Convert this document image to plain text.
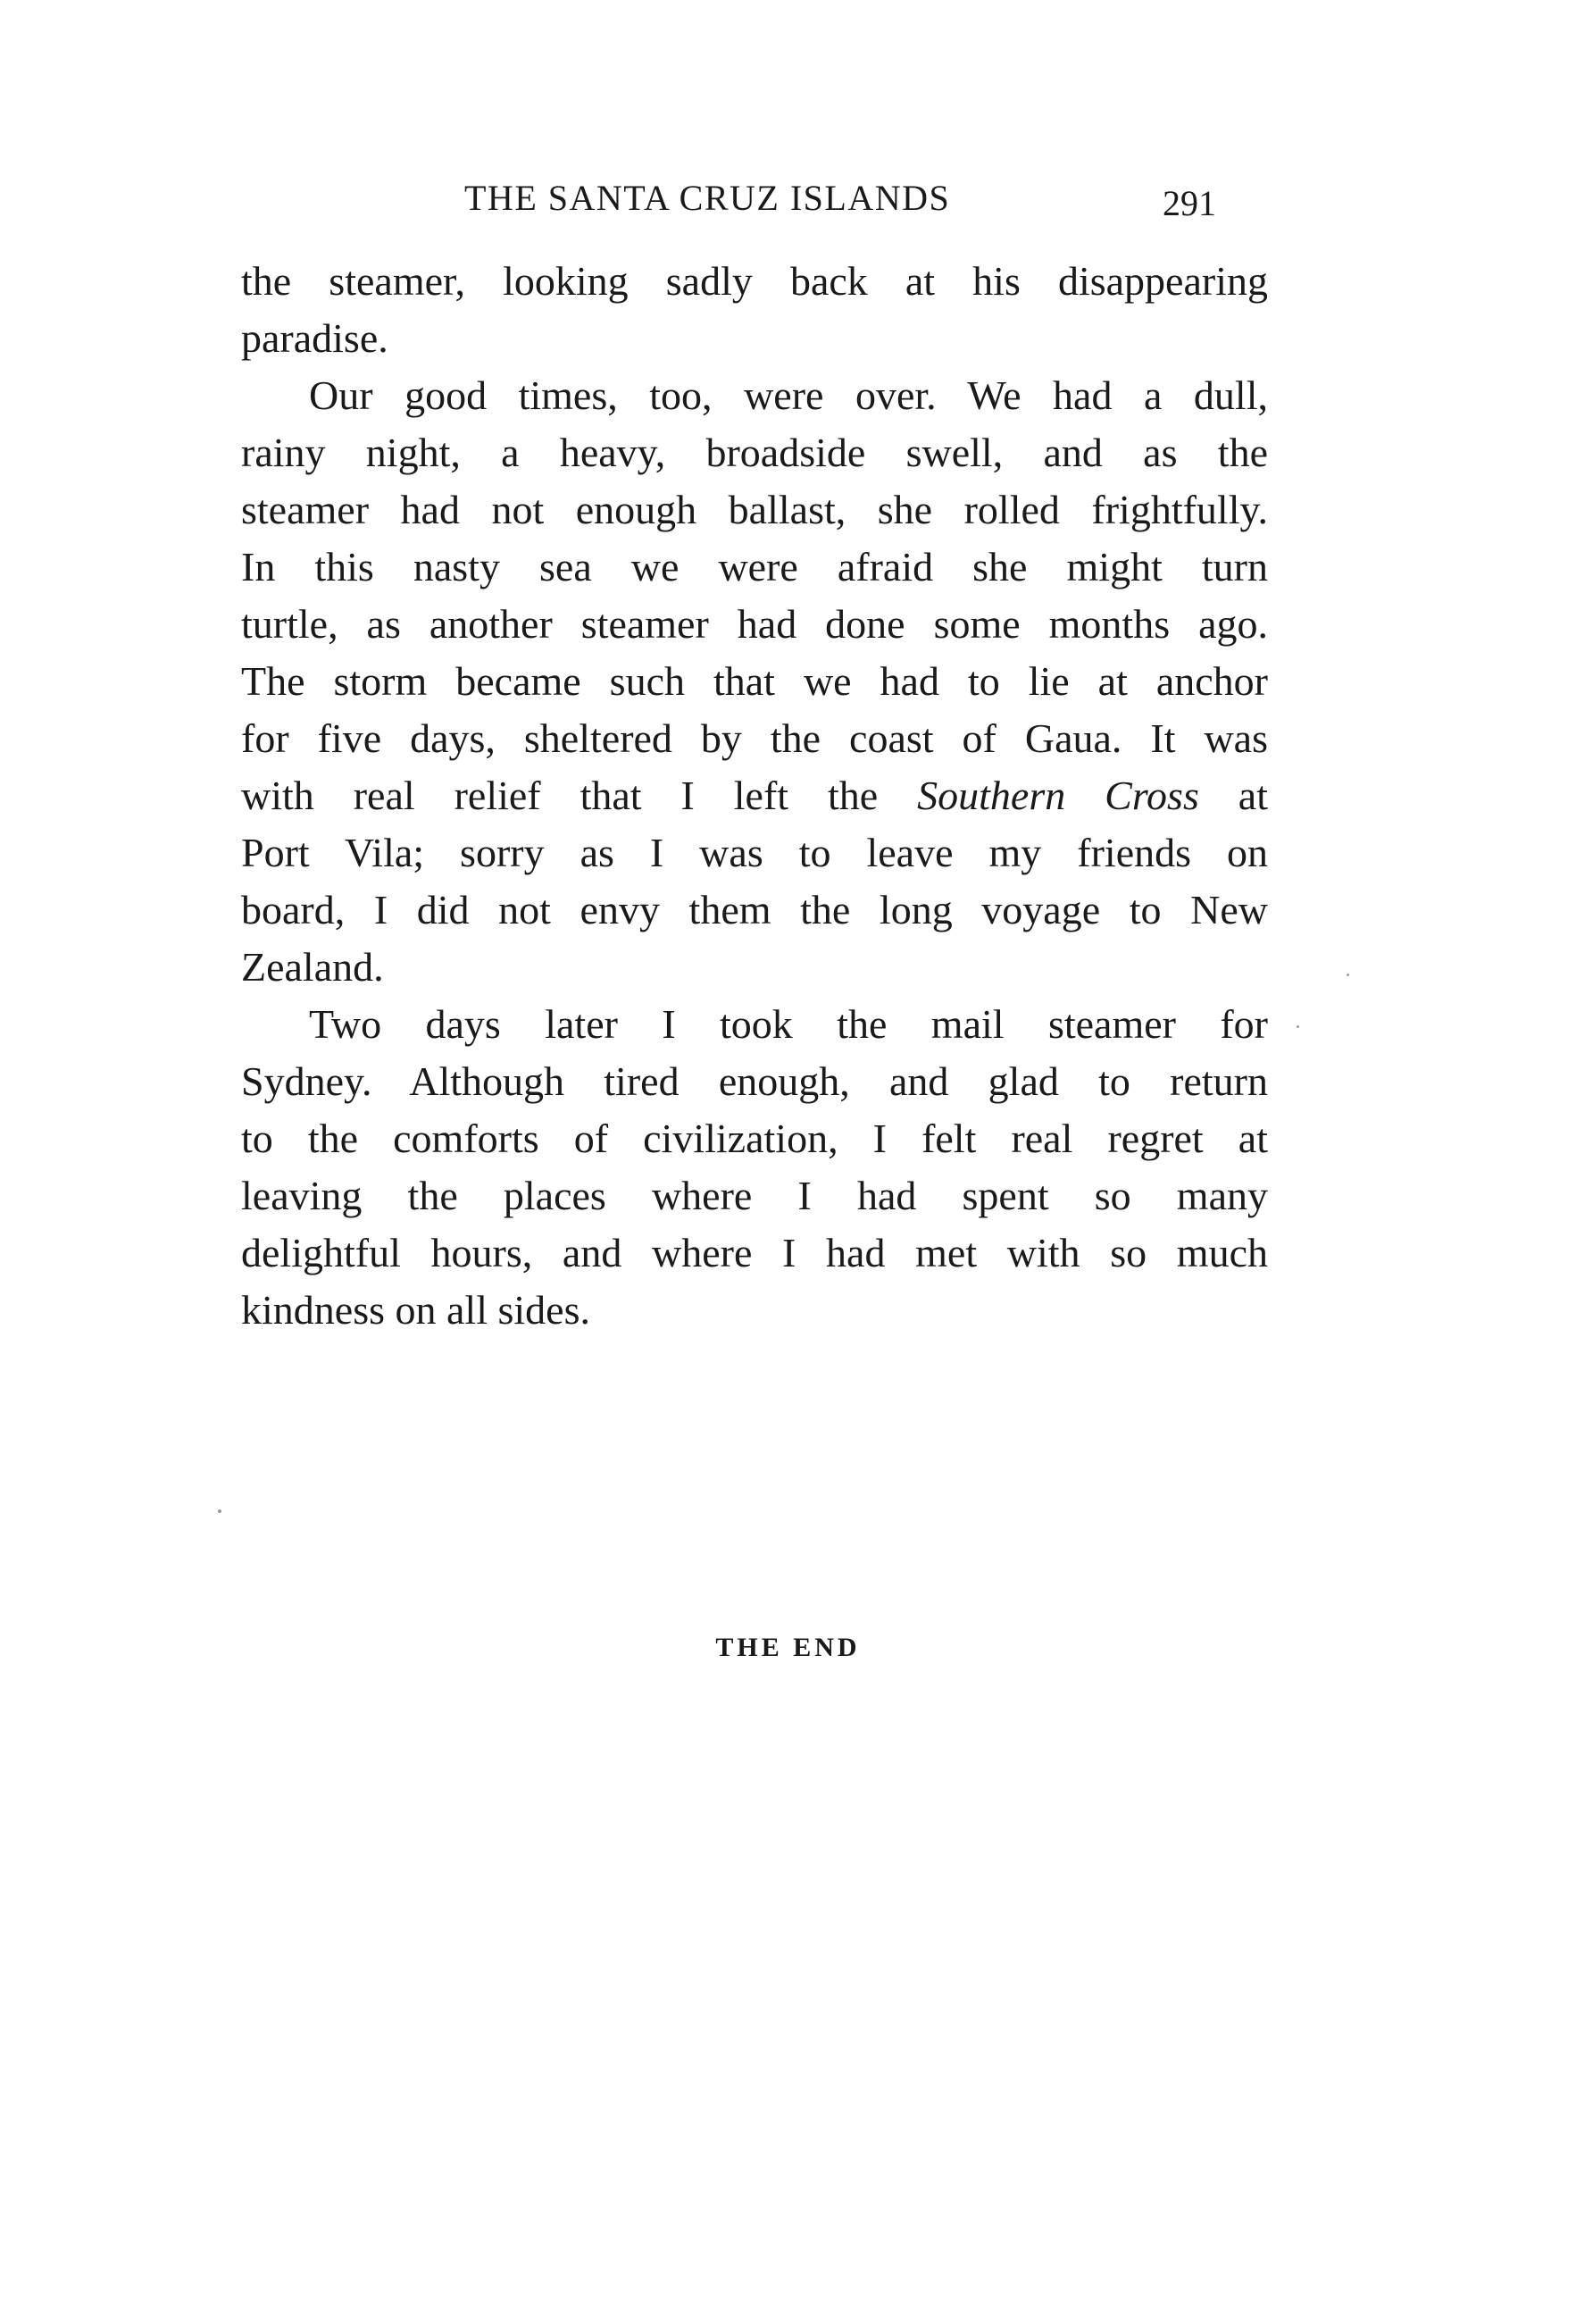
THE SANTA CRUZ ISLANDS	291
the steamer, looking sadly back at his disappearing
paradise.
Our good times, too, were over. We had a dull,
rainy night, a heavy, broadside swell, and as the
steamer had not enough ballast, she rolled frightfully.
In this nasty sea we were afraid she might turn
turtle, as another steamer had done some months ago.
The storm became such that we had to lie at anchor
for five days, sheltered by the coast of Gaua. It was
with real relief that I left the Southern Cross at
Port Vila; sorry as I was to leave my friends on
board, I did not envy them the long voyage to New
Zealand.
Two days later I took the mail steamer for
Sydney. Although tired enough, and glad to return
to the comforts of civilization, I felt real regret at
leaving the places where I had spent so many
delightful hours, and where I had met with so much
kindness on all sides.
THE END
